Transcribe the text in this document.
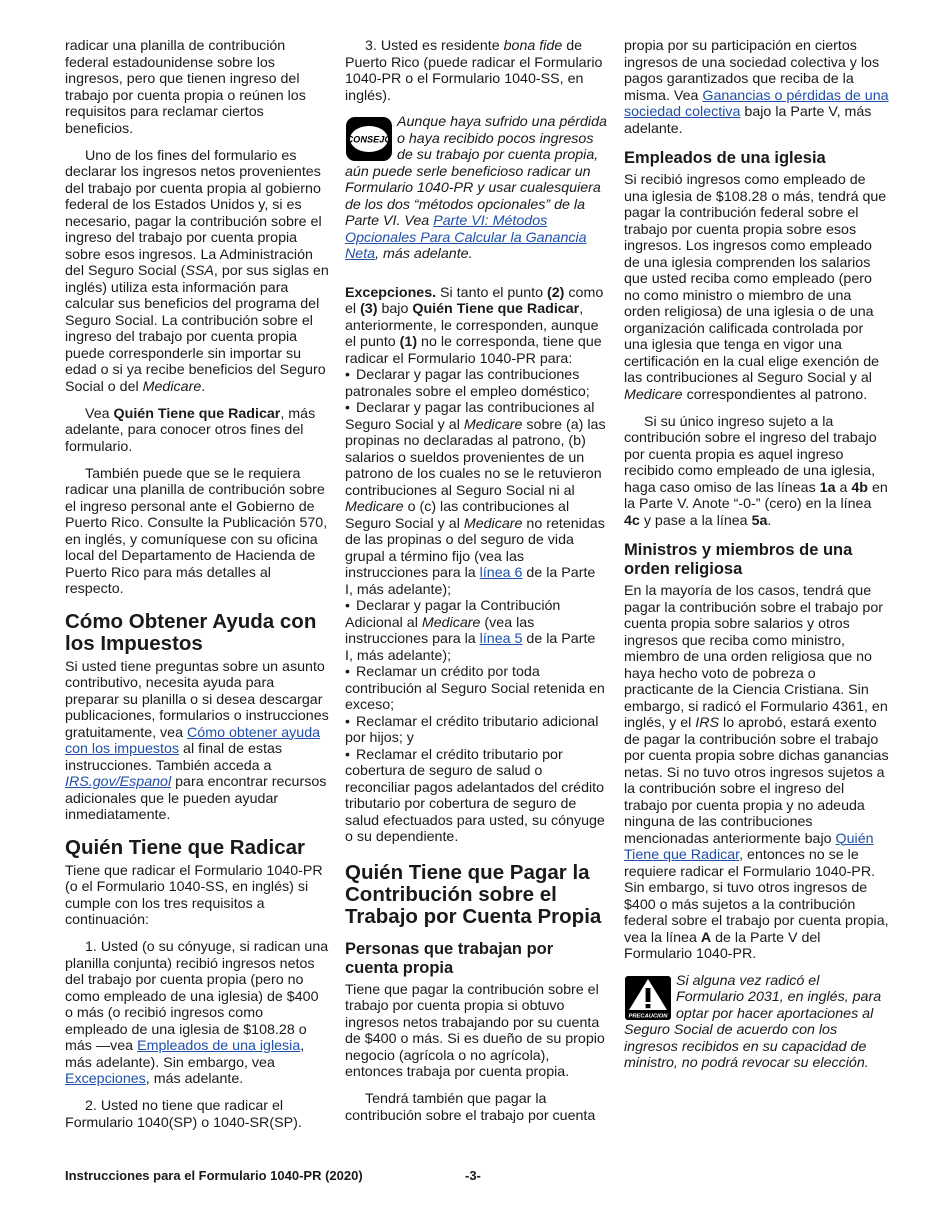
radicar una planilla de contribución federal estadounidense sobre los ingresos, pero que tienen ingreso del trabajo por cuenta propia o reúnen los requisitos para reclamar ciertos beneficios.

Uno de los fines del formulario es declarar los ingresos netos provenientes del trabajo por cuenta propia al gobierno federal de los Estados Unidos y, si es necesario, pagar la contribución sobre el ingreso del trabajo por cuenta propia sobre esos ingresos. La Administración del Seguro Social (SSA, por sus siglas en inglés) utiliza esta información para calcular sus beneficios del programa del Seguro Social. La contribución sobre el ingreso del trabajo por cuenta propia puede corresponderle sin importar su edad o si ya recibe beneficios del Seguro Social o del Medicare.

Vea Quién Tiene que Radicar, más adelante, para conocer otros fines del formulario.

También puede que se le requiera radicar una planilla de contribución sobre el ingreso personal ante el Gobierno de Puerto Rico. Consulte la Publicación 570, en inglés, y comuníquese con su oficina local del Departamento de Hacienda de Puerto Rico para más detalles al respecto.

Cómo Obtener Ayuda con los Impuestos

Si usted tiene preguntas sobre un asunto contributivo, necesita ayuda para preparar su planilla o si desea descargar publicaciones, formularios o instrucciones gratuitamente, vea Cómo obtener ayuda con los impuestos al final de estas instrucciones. También acceda a IRS.gov/Espanol para encontrar recursos adicionales que le pueden ayudar inmediatamente.

Quién Tiene que Radicar

Tiene que radicar el Formulario 1040-PR (o el Formulario 1040-SS, en inglés) si cumple con los tres requisitos a continuación:

1. Usted (o su cónyuge, si radican una planilla conjunta) recibió ingresos netos del trabajo por cuenta propia (pero no como empleado de una iglesia) de $400 o más (o recibió ingresos como empleado de una iglesia de $108.28 o más —vea Empleados de una iglesia, más adelante). Sin embargo, vea Excepciones, más adelante.

2. Usted no tiene que radicar el Formulario 1040(SP) o 1040-SR(SP).

3. Usted es residente bona fide de Puerto Rico (puede radicar el Formulario 1040-PR o el Formulario 1040-SS, en inglés).

CONSEJO
Aunque haya sufrido una pérdida o haya recibido pocos ingresos de su trabajo por cuenta propia, aún puede serle beneficioso radicar un Formulario 1040-PR y usar cualesquiera de los dos “métodos opcionales” de la Parte VI. Vea Parte VI: Métodos Opcionales Para Calcular la Ganancia Neta, más adelante.

Excepciones. Si tanto el punto (2) como el (3) bajo Quién Tiene que Radicar, anteriormente, le corresponden, aunque el punto (1) no le corresponda, tiene que radicar el Formulario 1040-PR para:

• Declarar y pagar las contribuciones patronales sobre el empleo doméstico;
• Declarar y pagar las contribuciones al Seguro Social y al Medicare sobre (a) las propinas no declaradas al patrono, (b) salarios o sueldos provenientes de un patrono de los cuales no se le retuvieron contribuciones al Seguro Social ni al Medicare o (c) las contribuciones al Seguro Social y al Medicare no retenidas de las propinas o del seguro de vida grupal a término fijo (vea las instrucciones para la línea 6 de la Parte I, más adelante);
• Declarar y pagar la Contribución Adicional al Medicare (vea las instrucciones para la línea 5 de la Parte I, más adelante);
• Reclamar un crédito por toda contribución al Seguro Social retenida en exceso;
• Reclamar el crédito tributario adicional por hijos; y
• Reclamar el crédito tributario por cobertura de seguro de salud o reconciliar pagos adelantados del crédito tributario por cobertura de seguro de salud efectuados para usted, su cónyuge o su dependiente.
Quién Tiene que Pagar la Contribución sobre el Trabajo por Cuenta Propia
Personas que trabajan por cuenta propia

Tiene que pagar la contribución sobre el trabajo por cuenta propia si obtuvo ingresos netos trabajando por su cuenta de $400 o más. Si es dueño de su propio negocio (agrícola o no agrícola), entonces trabaja por cuenta propia.

Tendrá también que pagar la contribución sobre el trabajo por cuenta

propia por su participación en ciertos ingresos de una sociedad colectiva y los pagos garantizados que reciba de la misma. Vea Ganancias o pérdidas de una sociedad colectiva bajo la Parte V, más adelante.

Empleados de una iglesia

Si recibió ingresos como empleado de una iglesia de $108.28 o más, tendrá que pagar la contribución federal sobre el trabajo por cuenta propia sobre esos ingresos. Los ingresos como empleado de una iglesia comprenden los salarios que usted reciba como empleado (pero no como ministro o miembro de una orden religiosa) de una iglesia o de una organización calificada controlada por una iglesia que tenga en vigor una certificación en la cual elige exención de las contribuciones al Seguro Social y al Medicare correspondientes al patrono.

Si su único ingreso sujeto a la contribución sobre el ingreso del trabajo por cuenta propia es aquel ingreso recibido como empleado de una iglesia, haga caso omiso de las líneas 1a a 4b en la Parte V. Anote “-0-” (cero) en la línea 4c y pase a la línea 5a.

Ministros y miembros de una orden religiosa

En la mayoría de los casos, tendrá que pagar la contribución sobre el trabajo por cuenta propia sobre salarios y otros ingresos que reciba como ministro, miembro de una orden religiosa que no haya hecho voto de pobreza o practicante de la Ciencia Cristiana. Sin embargo, si radicó el Formulario 4361, en inglés, y el IRS lo aprobó, estará exento de pagar la contribución sobre el trabajo por cuenta propia sobre dichas ganancias netas. Si no tuvo otros ingresos sujetos a la contribución sobre el ingreso del trabajo por cuenta propia y no adeuda ninguna de las contribuciones mencionadas anteriormente bajo Quién Tiene que Radicar, entonces no se le requiere radicar el Formulario 1040-PR. Sin embargo, si tuvo otros ingresos de $400 o más sujetos a la contribución federal sobre el trabajo por cuenta propia, vea la línea A de la Parte V del Formulario 1040-PR.

PRECAUCION
Si alguna vez radicó el Formulario 2031, en inglés, para optar por hacer aportaciones al Seguro Social de acuerdo con los ingresos recibidos en su capacidad de ministro, no podrá revocar su elección.
Instrucciones para el Formulario 1040-PR (2020)	-3-
